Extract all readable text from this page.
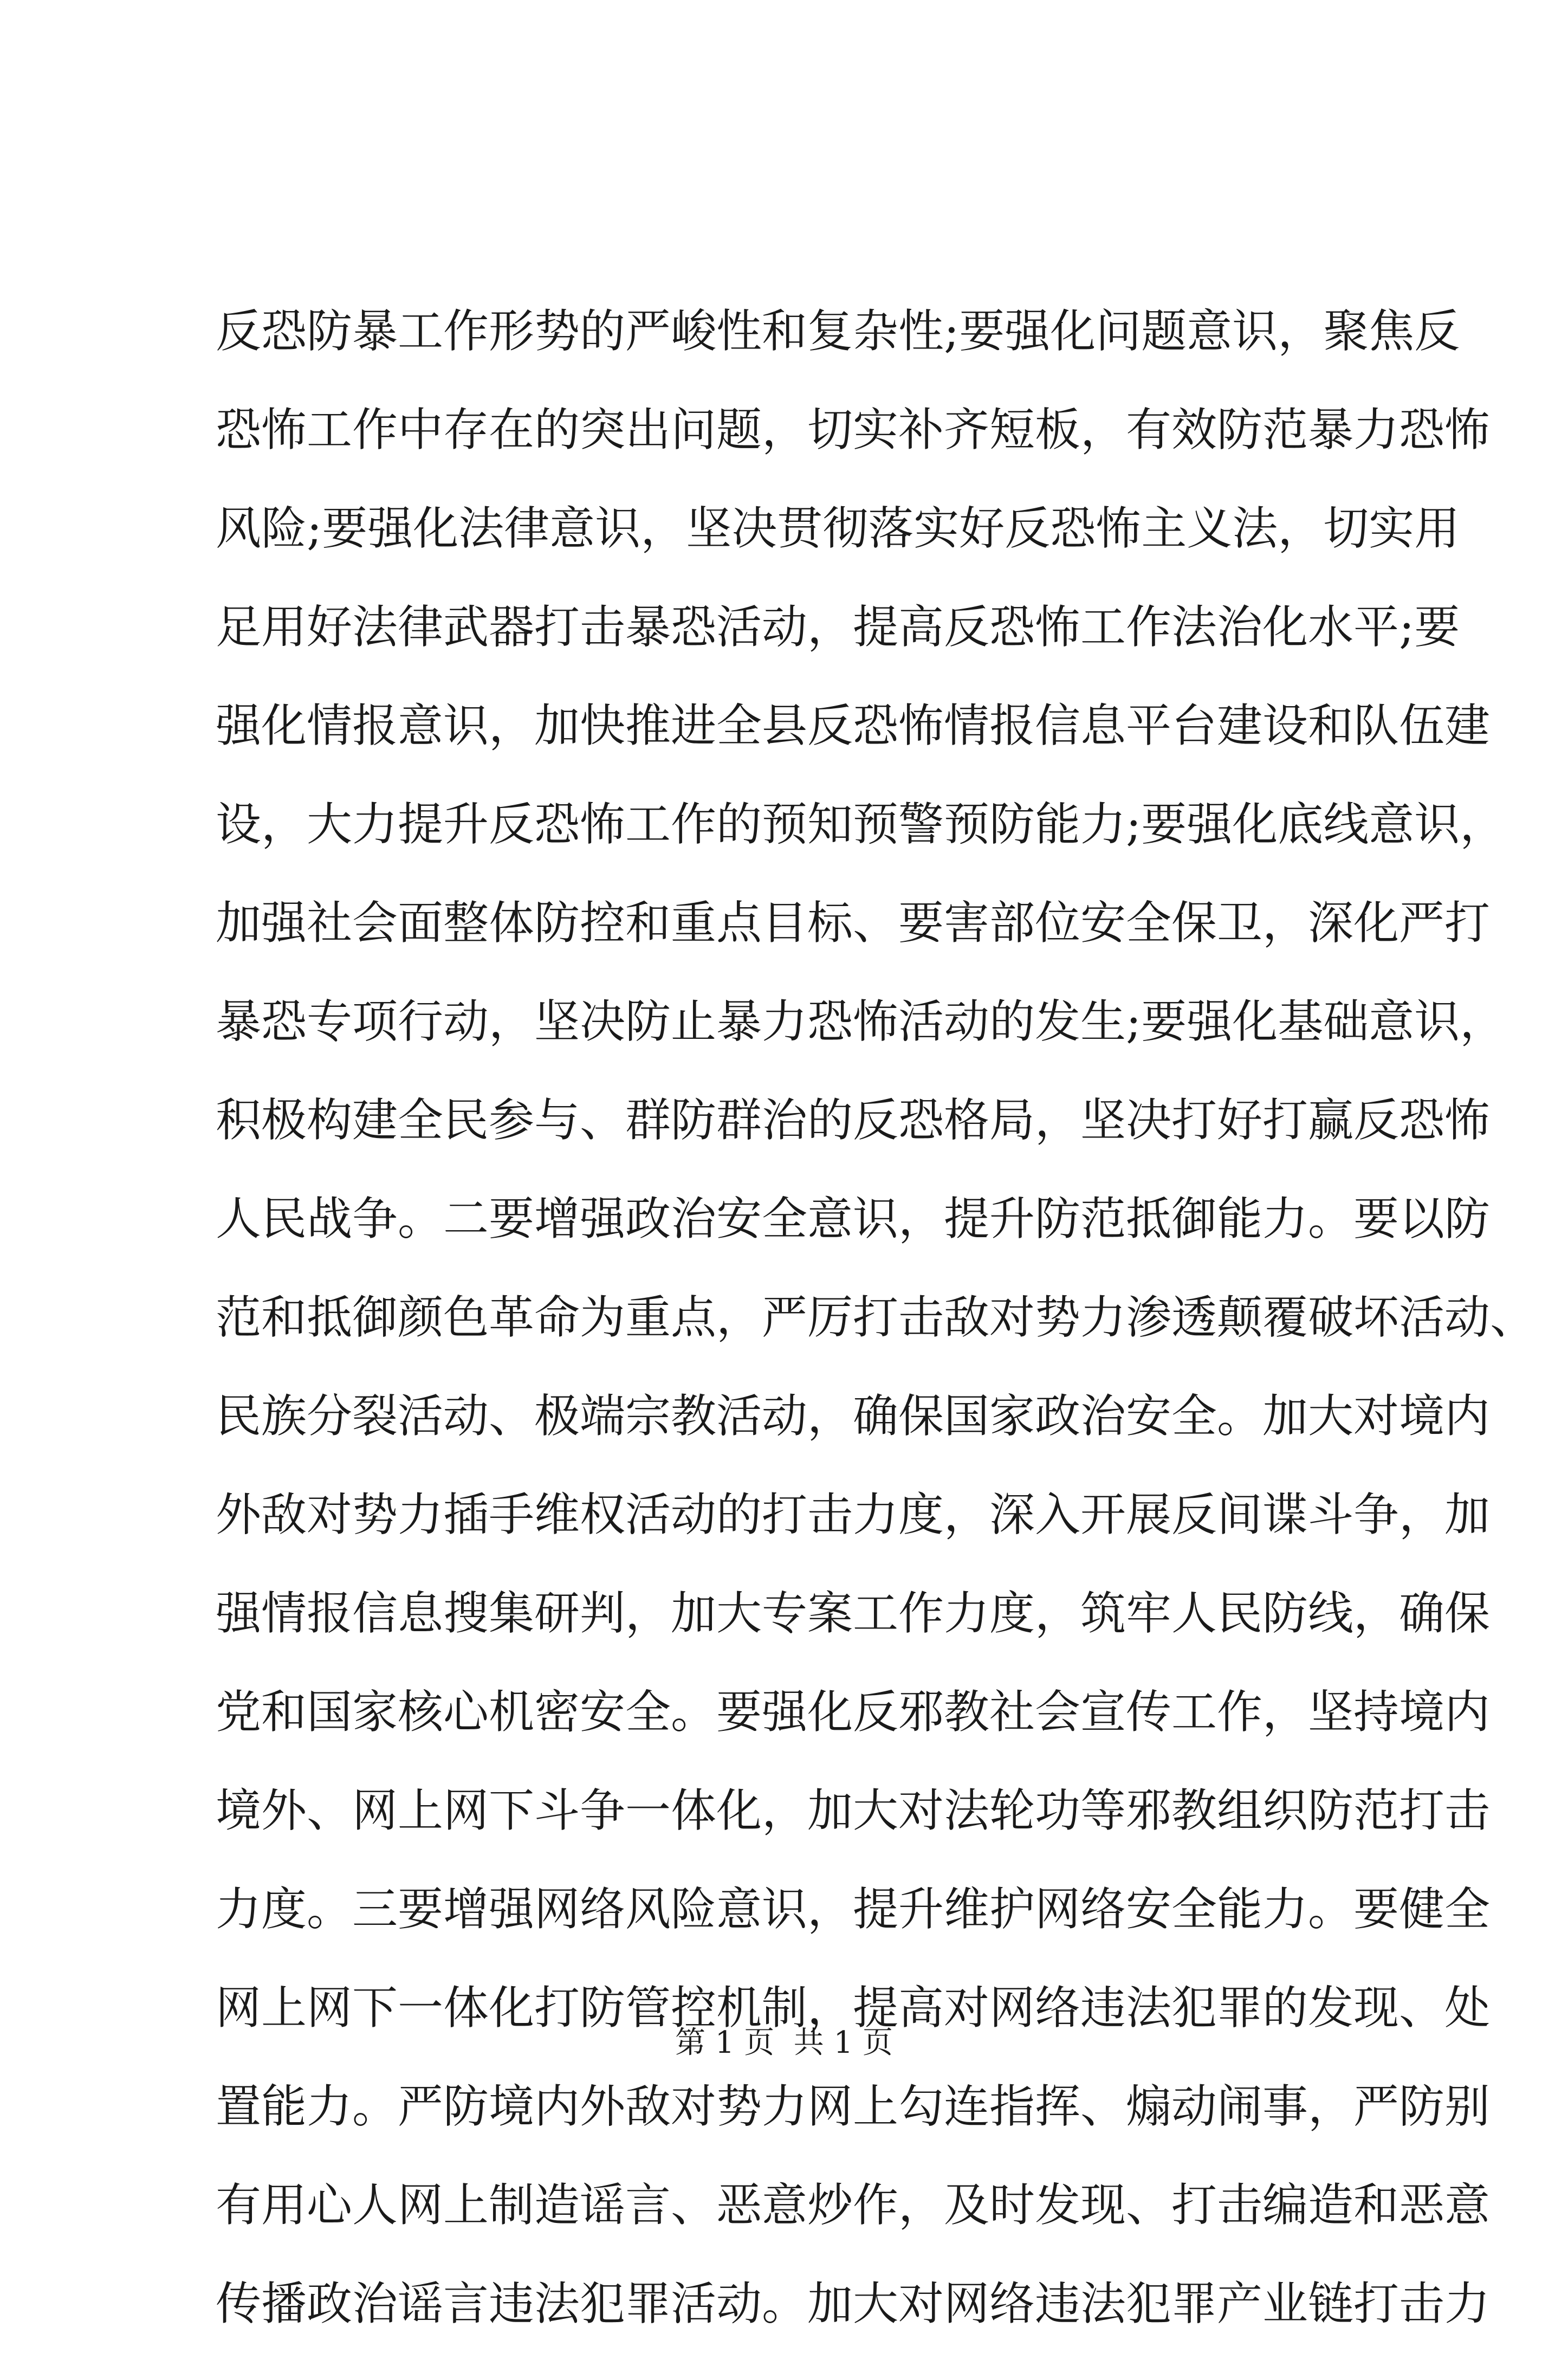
反恐防暴工作形势的严峻性和复杂性;要强化问题意识，聚焦反
恐怖工作中存在的突出问题，切实补齐短板，有效防范暴力恐怖
风险;要强化法律意识，坚决贯彻落实好反恐怖主义法，切实用
足用好法律武器打击暴恐活动，提高反恐怖工作法治化水平;要
强化情报意识，加快推进全县反恐怖情报信息平台建设和队伍建
设，大力提升反恐怖工作的预知预警预防能力;要强化底线意识，
加强社会面整体防控和重点目标、要害部位安全保卫，深化严打
暴恐专项行动，坚决防止暴力恐怖活动的发生;要强化基础意识，
积极构建全民参与、群防群治的反恐格局，坚决打好打赢反恐怖
人民战争。二要增强政治安全意识，提升防范抵御能力。要以防
范和抵御颜色革命为重点，严厉打击敌对势力渗透颠覆破坏活动、
民族分裂活动、极端宗教活动，确保国家政治安全。加大对境内
外敌对势力插手维权活动的打击力度，深入开展反间谍斗争，加
强情报信息搜集研判，加大专案工作力度，筑牢人民防线，确保
党和国家核心机密安全。要强化反邪教社会宣传工作，坚持境内
境外、网上网下斗争一体化，加大对法轮功等邪教组织防范打击
力度。三要增强网络风险意识，提升维护网络安全能力。要健全
网上网下一体化打防管控机制，提高对网络违法犯罪的发现、处
置能力。严防境内外敌对势力网上勾连指挥、煽动闹事，严防别
有用心人网上制造谣言、恶意炒作，及时发现、打击编造和恶意
传播政治谣言违法犯罪活动。加大对网络违法犯罪产业链打击力
第 1 页  共 1 页
